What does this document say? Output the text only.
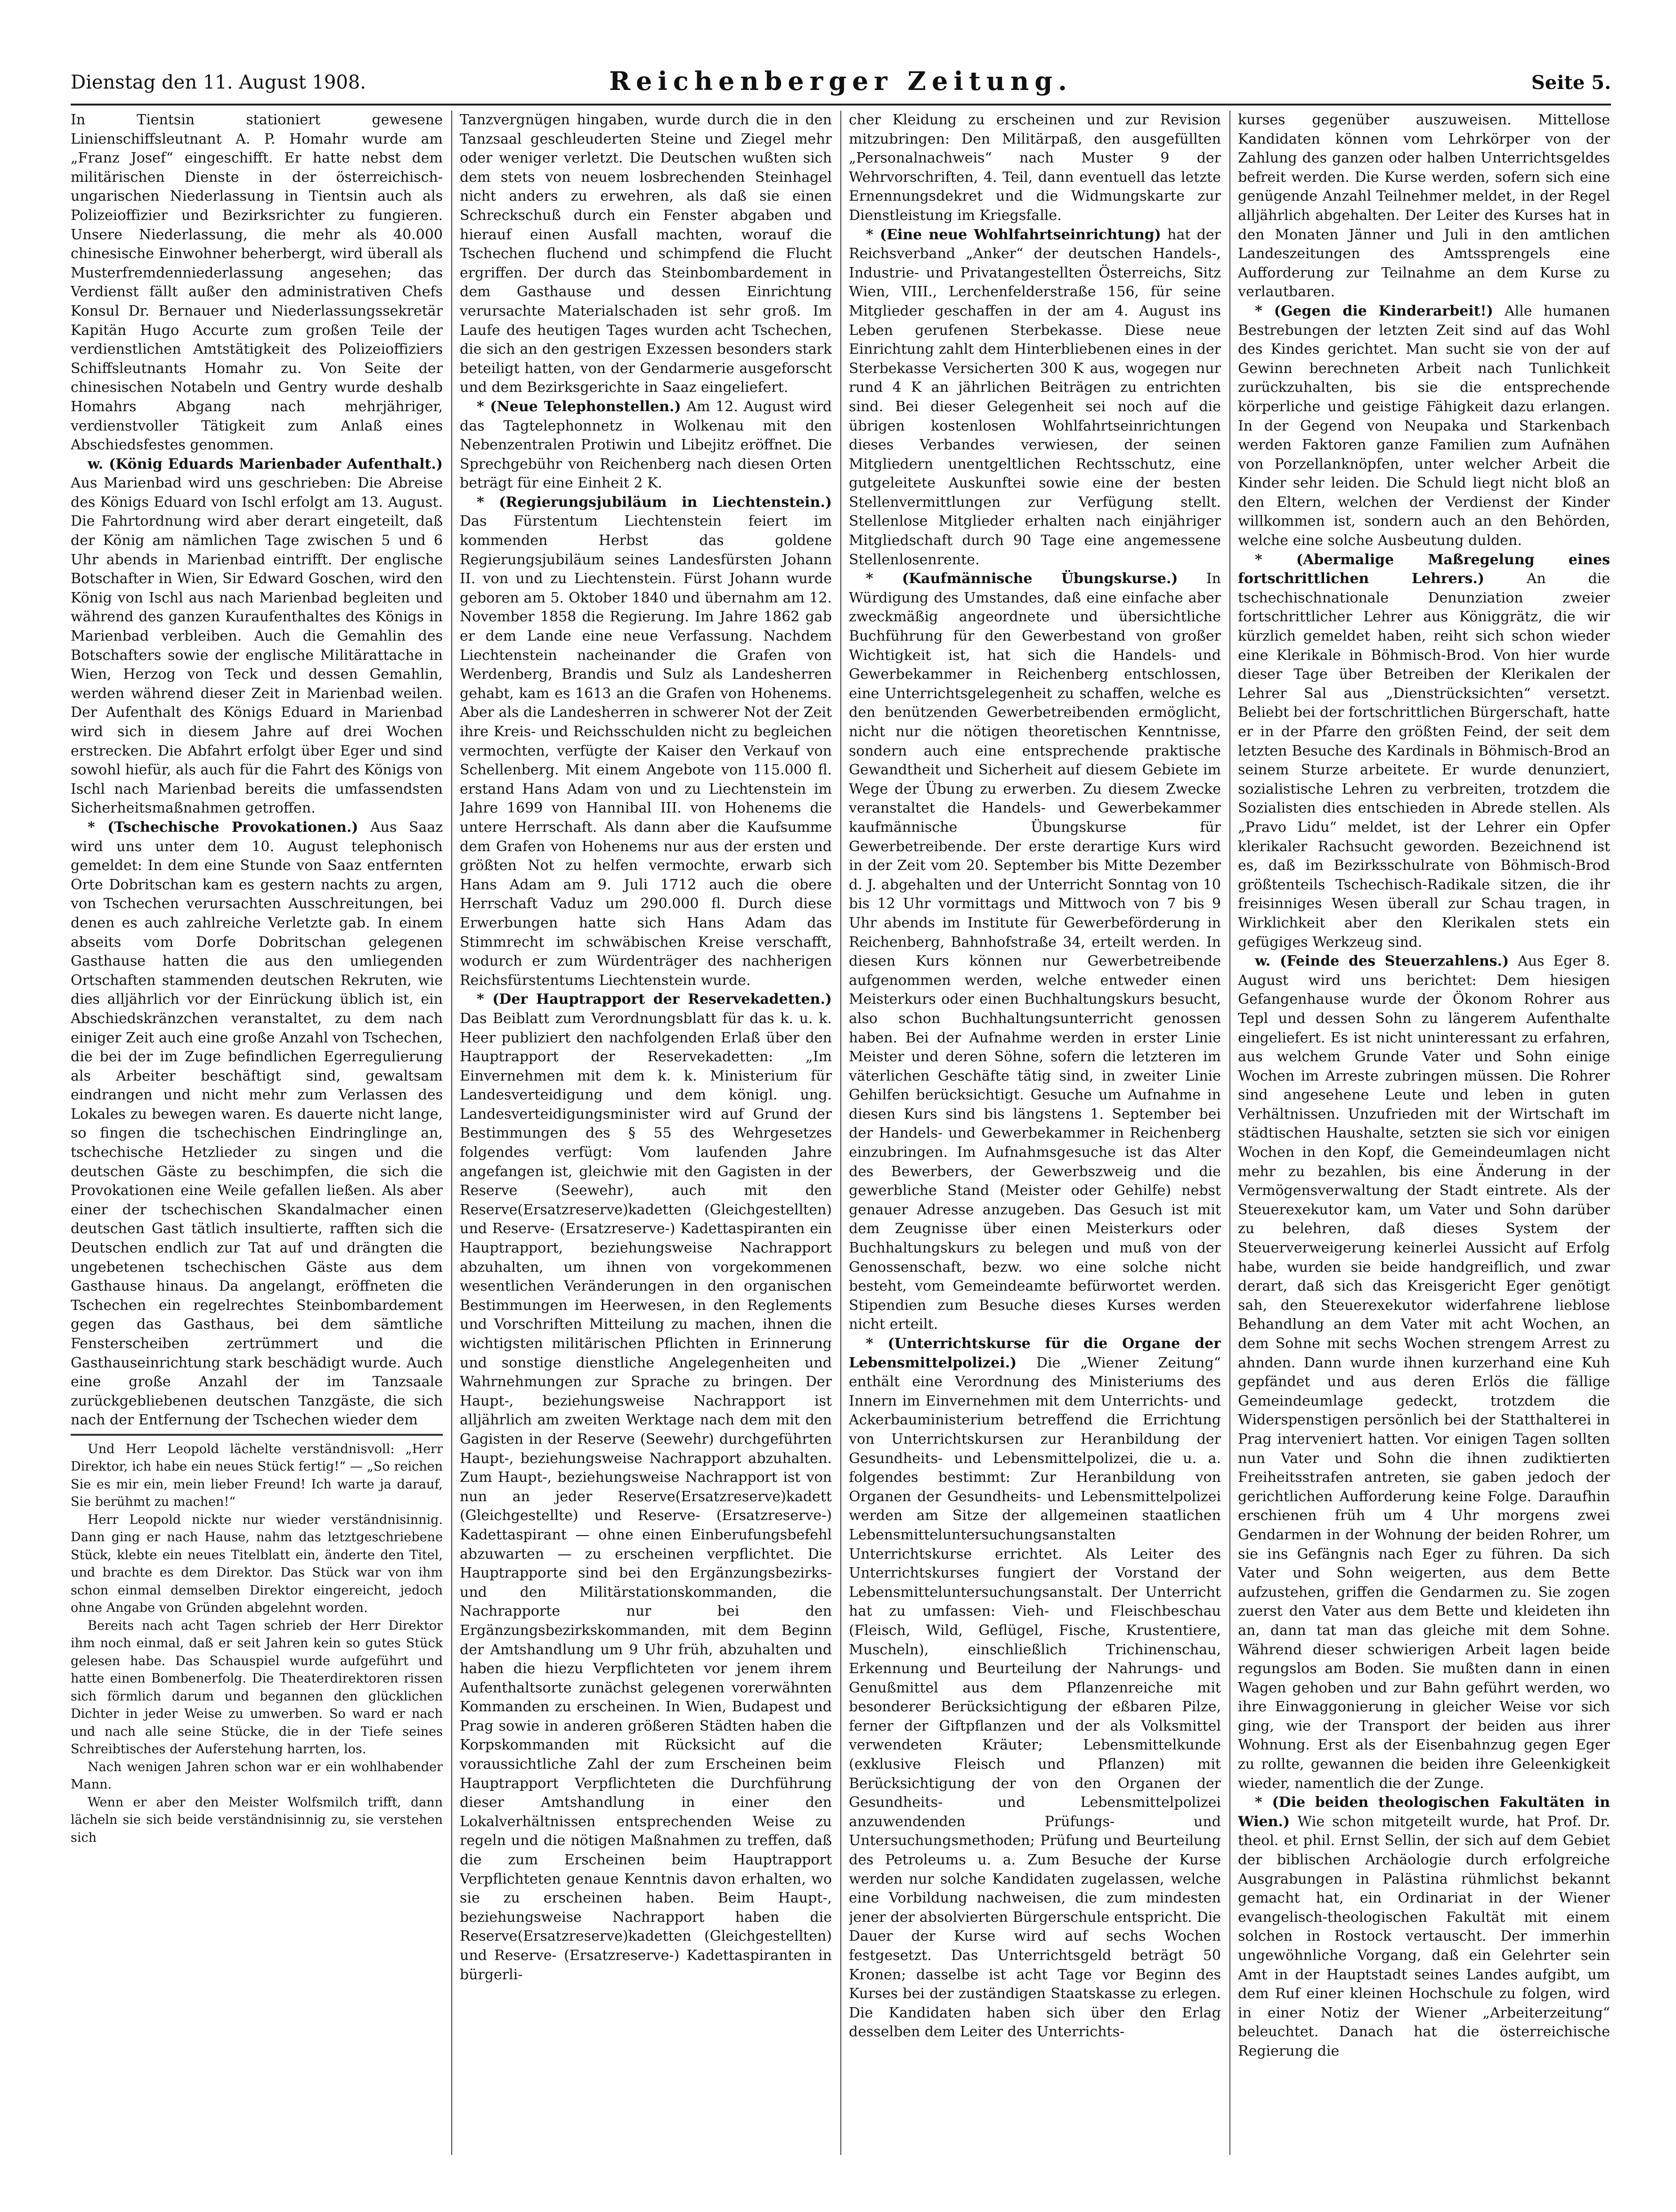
Dienstag den 11. August 1908.	Reichenberger Zeitung.	Seite 5.

In Tientsin stationiert gewesene Linienschiffsleutnant A. P. Homahr wurde am „Franz Josef“ eingeschifft. Er hatte nebst dem militärischen Dienste in der österreichisch-ungarischen Niederlassung in Tientsin auch als Polizeioffizier und Bezirksrichter zu fungieren. Unsere Niederlassung, die mehr als 40.000 chinesische Einwohner beherbergt, wird überall als Musterfremdenniederlassung angesehen; das Verdienst fällt außer den administrativen Chefs Konsul Dr. Bernauer und Niederlassungssekretär Kapitän Hugo Accurte zum großen Teile der verdienstlichen Amtstätigkeit des Polizeioffiziers Schiffsleutnants Homahr zu. Von Seite der chinesischen Notabeln und Gentry wurde deshalb Homahrs Abgang nach mehrjähriger, verdienstvoller Tätigkeit zum Anlaß eines Abschiedsfestes genommen.

w. (König Eduards Marienbader Aufenthalt.) Aus Marienbad wird uns geschrieben: Die Abreise des Königs Eduard von Ischl erfolgt am 13. August. Die Fahrtordnung wird aber derart eingeteilt, daß der König am nämlichen Tage zwischen 5 und 6 Uhr abends in Marienbad eintrifft. Der englische Botschafter in Wien, Sir Edward Goschen, wird den König von Ischl aus nach Marienbad begleiten und während des ganzen Kuraufenthaltes des Königs in Marienbad verbleiben. Auch die Gemahlin des Botschafters sowie der englische Militärattache in Wien, Herzog von Teck und dessen Gemahlin, werden während dieser Zeit in Marienbad weilen. Der Aufenthalt des Königs Eduard in Marienbad wird sich in diesem Jahre auf drei Wochen erstrecken. Die Abfahrt erfolgt über Eger und sind sowohl hiefür, als auch für die Fahrt des Königs von Ischl nach Marienbad bereits die umfassendsten Sicherheitsmaßnahmen getroffen.

* (Tschechische Provokationen.) Aus Saaz wird uns unter dem 10. August telephonisch gemeldet: In dem eine Stunde von Saaz entfernten Orte Dobritschan kam es gestern nachts zu argen, von Tschechen verursachten Ausschreitungen, bei denen es auch zahlreiche Verletzte gab. In einem abseits vom Dorfe Dobritschan gelegenen Gasthause hatten die aus den umliegenden Ortschaften stammenden deutschen Rekruten, wie dies alljährlich vor der Einrückung üblich ist, ein Abschiedskränzchen veranstaltet, zu dem nach einiger Zeit auch eine große Anzahl von Tschechen, die bei der im Zuge befindlichen Egerregulierung als Arbeiter beschäftigt sind, gewaltsam eindrangen und nicht mehr zum Verlassen des Lokales zu bewegen waren. Es dauerte nicht lange, so fingen die tschechischen Eindringlinge an, tschechische Hetzlieder zu singen und die deutschen Gäste zu beschimpfen, die sich die Provokationen eine Weile gefallen ließen. Als aber einer der tschechischen Skandalmacher einen deutschen Gast tätlich insultierte, rafften sich die Deutschen endlich zur Tat auf und drängten die ungebetenen tschechischen Gäste aus dem Gasthause hinaus. Da angelangt, eröffneten die Tschechen ein regelrechtes Steinbombardement gegen das Gasthaus, bei dem sämtliche Fensterscheiben zertrümmert und die Gasthauseinrichtung stark beschädigt wurde. Auch eine große Anzahl der im Tanzsaale zurückgebliebenen deutschen Tanzgäste, die sich nach der Entfernung der Tschechen wieder dem

Und Herr Leopold lächelte verständnisvoll: „Herr Direktor, ich habe ein neues Stück fertig!“ — „So reichen Sie es mir ein, mein lieber Freund! Ich warte ja darauf, Sie berühmt zu machen!“

Herr Leopold nickte nur wieder verständnisinnig. Dann ging er nach Hause, nahm das letztgeschriebene Stück, klebte ein neues Titelblatt ein, änderte den Titel, und brachte es dem Direktor. Das Stück war von ihm schon einmal demselben Direktor eingereicht, jedoch ohne Angabe von Gründen abgelehnt worden.

Bereits nach acht Tagen schrieb der Herr Direktor ihm noch einmal, daß er seit Jahren kein so gutes Stück gelesen habe. Das Schauspiel wurde aufgeführt und hatte einen Bombenerfolg. Die Theaterdirektoren rissen sich förmlich darum und begannen den glücklichen Dichter in jeder Weise zu umwerben. So ward er nach und nach alle seine Stücke, die in der Tiefe seines Schreibtisches der Auferstehung harrten, los.

Nach wenigen Jahren schon war er ein wohlhabender Mann.

Wenn er aber den Meister Wolfsmilch trifft, dann lächeln sie sich beide verständnisinnig zu, sie verstehen sich

Tanzvergnügen hingaben, wurde durch die in den Tanzsaal geschleuderten Steine und Ziegel mehr oder weniger verletzt. Die Deutschen wußten sich dem stets von neuem losbrechenden Steinhagel nicht anders zu erwehren, als daß sie einen Schreckschuß durch ein Fenster abgaben und hierauf einen Ausfall machten, worauf die Tschechen fluchend und schimpfend die Flucht ergriffen. Der durch das Steinbombardement in dem Gasthause und dessen Einrichtung verursachte Materialschaden ist sehr groß. Im Laufe des heutigen Tages wurden acht Tschechen, die sich an den gestrigen Exzessen besonders stark beteiligt hatten, von der Gendarmerie ausgeforscht und dem Bezirksgerichte in Saaz eingeliefert.

* (Neue Telephonstellen.) Am 12. August wird das Tagtelephonnetz in Wolkenau mit den Nebenzentralen Protiwin und Libejitz eröffnet. Die Sprechgebühr von Reichenberg nach diesen Orten beträgt für eine Einheit 2 K.

* (Regierungsjubiläum in Liechtenstein.) Das Fürstentum Liechtenstein feiert im kommenden Herbst das goldene Regierungsjubiläum seines Landesfürsten Johann II. von und zu Liechtenstein. Fürst Johann wurde geboren am 5. Oktober 1840 und übernahm am 12. November 1858 die Regierung. Im Jahre 1862 gab er dem Lande eine neue Verfassung. Nachdem Liechtenstein nacheinander die Grafen von Werdenberg, Brandis und Sulz als Landesherren gehabt, kam es 1613 an die Grafen von Hohenems. Aber als die Landesherren in schwerer Not der Zeit ihre Kreis- und Reichsschulden nicht zu begleichen vermochten, verfügte der Kaiser den Verkauf von Schellenberg. Mit einem Angebote von 115.000 fl. erstand Hans Adam von und zu Liechtenstein im Jahre 1699 von Hannibal III. von Hohenems die untere Herrschaft. Als dann aber die Kaufsumme dem Grafen von Hohenems nur aus der ersten und größten Not zu helfen vermochte, erwarb sich Hans Adam am 9. Juli 1712 auch die obere Herrschaft Vaduz um 290.000 fl. Durch diese Erwerbungen hatte sich Hans Adam das Stimmrecht im schwäbischen Kreise verschafft, wodurch er zum Würdenträger des nachherigen Reichsfürstentums Liechtenstein wurde.

* (Der Hauptrapport der Reservekadetten.) Das Beiblatt zum Verordnungsblatt für das k. u. k. Heer publiziert den nachfolgenden Erlaß über den Hauptrapport der Reservekadetten: „Im Einvernehmen mit dem k. k. Ministerium für Landesverteidigung und dem königl. ung. Landesverteidigungsminister wird auf Grund der Bestimmungen des § 55 des Wehrgesetzes folgendes verfügt: Vom laufenden Jahre angefangen ist, gleichwie mit den Gagisten in der Reserve (Seewehr), auch mit den Reserve(Ersatzreserve)kadetten (Gleichgestellten) und Reserve- (Ersatzreserve-) Kadettaspiranten ein Hauptrapport, beziehungsweise Nachrapport abzuhalten, um ihnen von vorgekommenen wesentlichen Veränderungen in den organischen Bestimmungen im Heerwesen, in den Reglements und Vorschriften Mitteilung zu machen, ihnen die wichtigsten militärischen Pflichten in Erinnerung und sonstige dienstliche Angelegenheiten und Wahrnehmungen zur Sprache zu bringen. Der Haupt-, beziehungsweise Nachrapport ist alljährlich am zweiten Werktage nach dem mit den Gagisten in der Reserve (Seewehr) durchgeführten Haupt-, beziehungsweise Nachrapport abzuhalten. Zum Haupt-, beziehungsweise Nachrapport ist von nun an jeder Reserve(Ersatzreserve)kadett (Gleichgestellte) und Reserve- (Ersatzreserve-) Kadettaspirant — ohne einen Einberufungsbefehl abzuwarten — zu erscheinen verpflichtet. Die Hauptrapporte sind bei den Ergänzungsbezirks- und den Militärstationskommanden, die Nachrapporte nur bei den Ergänzungsbezirkskommanden, mit dem Beginn der Amtshandlung um 9 Uhr früh, abzuhalten und haben die hiezu Verpflichteten vor jenem ihrem Aufenthaltsorte zunächst gelegenen vorerwähnten Kommanden zu erscheinen. In Wien, Budapest und Prag sowie in anderen größeren Städten haben die Korpskommanden mit Rücksicht auf die voraussichtliche Zahl der zum Erscheinen beim Hauptrapport Verpflichteten die Durchführung dieser Amtshandlung in einer den Lokalverhältnissen entsprechenden Weise zu regeln und die nötigen Maßnahmen zu treffen, daß die zum Erscheinen beim Hauptrapport Verpflichteten genaue Kenntnis davon erhalten, wo sie zu erscheinen haben. Beim Haupt-, beziehungsweise Nachrapport haben die Reserve(Ersatzreserve)kadetten (Gleichgestellten) und Reserve- (Ersatzreserve-) Kadettaspiranten in bürgerli-

cher Kleidung zu erscheinen und zur Revision mitzubringen: Den Militärpaß, den ausgefüllten „Personalnachweis“ nach Muster 9 der Wehrvorschriften, 4. Teil, dann eventuell das letzte Ernennungsdekret und die Widmungskarte zur Dienstleistung im Kriegsfalle.

* (Eine neue Wohlfahrtseinrichtung) hat der Reichsverband „Anker“ der deutschen Handels-, Industrie- und Privatangestellten Österreichs, Sitz Wien, VIII., Lerchenfelderstraße 156, für seine Mitglieder geschaffen in der am 4. August ins Leben gerufenen Sterbekasse. Diese neue Einrichtung zahlt dem Hinterbliebenen eines in der Sterbekasse Versicherten 300 K aus, wogegen nur rund 4 K an jährlichen Beiträgen zu entrichten sind. Bei dieser Gelegenheit sei noch auf die übrigen kostenlosen Wohlfahrtseinrichtungen dieses Verbandes verwiesen, der seinen Mitgliedern unentgeltlichen Rechtsschutz, eine gutgeleitete Auskunftei sowie eine der besten Stellenvermittlungen zur Verfügung stellt. Stellenlose Mitglieder erhalten nach einjähriger Mitgliedschaft durch 90 Tage eine angemessene Stellenlosenrente.

* (Kaufmännische Übungskurse.) In Würdigung des Umstandes, daß eine einfache aber zweckmäßig angeordnete und übersichtliche Buchführung für den Gewerbestand von großer Wichtigkeit ist, hat sich die Handels- und Gewerbekammer in Reichenberg entschlossen, eine Unterrichtsgelegenheit zu schaffen, welche es den benützenden Gewerbetreibenden ermöglicht, nicht nur die nötigen theoretischen Kenntnisse, sondern auch eine entsprechende praktische Gewandtheit und Sicherheit auf diesem Gebiete im Wege der Übung zu erwerben. Zu diesem Zwecke veranstaltet die Handels- und Gewerbekammer kaufmännische Übungskurse für Gewerbetreibende. Der erste derartige Kurs wird in der Zeit vom 20. September bis Mitte Dezember d. J. abgehalten und der Unterricht Sonntag von 10 bis 12 Uhr vormittags und Mittwoch von 7 bis 9 Uhr abends im Institute für Gewerbeförderung in Reichenberg, Bahnhofstraße 34, erteilt werden. In diesen Kurs können nur Gewerbetreibende aufgenommen werden, welche entweder einen Meisterkurs oder einen Buchhaltungskurs besucht, also schon Buchhaltungsunterricht genossen haben. Bei der Aufnahme werden in erster Linie Meister und deren Söhne, sofern die letzteren im väterlichen Geschäfte tätig sind, in zweiter Linie Gehilfen berücksichtigt. Gesuche um Aufnahme in diesen Kurs sind bis längstens 1. September bei der Handels- und Gewerbekammer in Reichenberg einzubringen. Im Aufnahmsgesuche ist das Alter des Bewerbers, der Gewerbszweig und die gewerbliche Stand (Meister oder Gehilfe) nebst genauer Adresse anzugeben. Das Gesuch ist mit dem Zeugnisse über einen Meisterkurs oder Buchhaltungskurs zu belegen und muß von der Genossenschaft, bezw. wo eine solche nicht besteht, vom Gemeindeamte befürwortet werden. Stipendien zum Besuche dieses Kurses werden nicht erteilt.

* (Unterrichtskurse für die Organe der Lebensmittelpolizei.) Die „Wiener Zeitung“ enthält eine Verordnung des Ministeriums des Innern im Einvernehmen mit dem Unterrichts- und Ackerbauministerium betreffend die Errichtung von Unterrichtskursen zur Heranbildung der Gesundheits- und Lebensmittelpolizei, die u. a. folgendes bestimmt: Zur Heranbildung von Organen der Gesundheits- und Lebensmittelpolizei werden am Sitze der allgemeinen staatlichen Lebensmitteluntersuchungsanstalten Unterrichtskurse errichtet. Als Leiter des Unterrichtskurses fungiert der Vorstand der Lebensmitteluntersuchungsanstalt. Der Unterricht hat zu umfassen: Vieh- und Fleischbeschau (Fleisch, Wild, Geflügel, Fische, Krustentiere, Muscheln), einschließlich Trichinenschau, Erkennung und Beurteilung der Nahrungs- und Genußmittel aus dem Pflanzenreiche mit besonderer Berücksichtigung der eßbaren Pilze, ferner der Giftpflanzen und der als Volksmittel verwendeten Kräuter; Lebensmittelkunde (exklusive Fleisch und Pflanzen) mit Berücksichtigung der von den Organen der Gesundheits- und Lebensmittelpolizei anzuwendenden Prüfungs- und Untersuchungsmethoden; Prüfung und Beurteilung des Petroleums u. a. Zum Besuche der Kurse werden nur solche Kandidaten zugelassen, welche eine Vorbildung nachweisen, die zum mindesten jener der absolvierten Bürgerschule entspricht. Die Dauer der Kurse wird auf sechs Wochen festgesetzt. Das Unterrichtsgeld beträgt 50 Kronen; dasselbe ist acht Tage vor Beginn des Kurses bei der zuständigen Staatskasse zu erlegen. Die Kandidaten haben sich über den Erlag desselben dem Leiter des Unterrichts-

kurses gegenüber auszuweisen. Mittellose Kandidaten können vom Lehrkörper von der Zahlung des ganzen oder halben Unterrichtsgeldes befreit werden. Die Kurse werden, sofern sich eine genügende Anzahl Teilnehmer meldet, in der Regel alljährlich abgehalten. Der Leiter des Kurses hat in den Monaten Jänner und Juli in den amtlichen Landeszeitungen des Amtssprengels eine Aufforderung zur Teilnahme an dem Kurse zu verlautbaren.

* (Gegen die Kinderarbeit!) Alle humanen Bestrebungen der letzten Zeit sind auf das Wohl des Kindes gerichtet. Man sucht sie von der auf Gewinn berechneten Arbeit nach Tunlichkeit zurückzuhalten, bis sie die entsprechende körperliche und geistige Fähigkeit dazu erlangen. In der Gegend von Neupaka und Starkenbach werden Faktoren ganze Familien zum Aufnähen von Porzellanknöpfen, unter welcher Arbeit die Kinder sehr leiden. Die Schuld liegt nicht bloß an den Eltern, welchen der Verdienst der Kinder willkommen ist, sondern auch an den Behörden, welche eine solche Ausbeutung dulden.

* (Abermalige Maßregelung eines fortschrittlichen Lehrers.)	An die tschechischnationale Denunziation zweier fortschrittlicher Lehrer aus Königgrätz, die wir kürzlich gemeldet haben, reiht sich schon wieder eine Klerikale in Böhmisch-Brod. Von hier wurde dieser Tage über Betreiben der Klerikalen der Lehrer Sal aus „Dienstrücksichten“ versetzt. Beliebt bei der fortschrittlichen Bürgerschaft, hatte er in der Pfarre den größten Feind, der seit dem letzten Besuche des Kardinals in Böhmisch-Brod an seinem Sturze arbeitete. Er wurde denunziert, sozialistische Lehren zu verbreiten, trotzdem die Sozialisten dies entschieden in Abrede stellen. Als „Pravo Lidu“ meldet, ist der Lehrer ein Opfer klerikaler Rachsucht geworden. Bezeichnend ist es, daß im Bezirksschulrate von Böhmisch-Brod größtenteils Tschechisch-Radikale sitzen, die ihr freisinniges Wesen überall zur Schau tragen, in Wirklichkeit aber den Klerikalen stets ein gefügiges Werkzeug sind.

w. (Feinde des Steuerzahlens.) Aus Eger 8. August wird uns berichtet: Dem hiesigen Gefangenhause wurde der Ökonom Rohrer aus Tepl und dessen Sohn zu längerem Aufenthalte eingeliefert. Es ist nicht uninteressant zu erfahren, aus welchem Grunde Vater und Sohn einige Wochen im Arreste zubringen müssen. Die Rohrer sind angesehene Leute und leben in guten Verhältnissen. Unzufrieden mit der Wirtschaft im städtischen Haushalte, setzten sie sich vor einigen Wochen in den Kopf, die Gemeindeumlagen nicht mehr zu bezahlen, bis eine Änderung in der Vermögensverwaltung der Stadt eintrete. Als der Steuerexekutor kam, um Vater und Sohn darüber zu belehren, daß dieses System der Steuerverweigerung keinerlei Aussicht auf Erfolg habe, wurden sie beide handgreiflich, und zwar derart, daß sich das Kreisgericht Eger genötigt sah, den Steuerexekutor widerfahrene lieblose Behandlung an dem Vater mit acht Wochen, an dem Sohne mit sechs Wochen strengem Arrest zu ahnden. Dann wurde ihnen kurzerhand eine Kuh gepfändet und aus deren Erlös die fällige Gemeindeumlage gedeckt, trotzdem die Widerspenstigen persönlich bei der Statthalterei in Prag interveniert hatten. Vor einigen Tagen sollten nun Vater und Sohn die ihnen zudiktierten Freiheitsstrafen antreten, sie gaben jedoch der gerichtlichen Aufforderung keine Folge. Daraufhin erschienen früh um 4 Uhr morgens zwei Gendarmen in der Wohnung der beiden Rohrer, um sie ins Gefängnis nach Eger zu führen. Da sich Vater und Sohn weigerten, aus dem Bette aufzustehen, griffen die Gendarmen zu. Sie zogen zuerst den Vater aus dem Bette und kleideten ihn an, dann tat man das gleiche mit dem Sohne. Während dieser schwierigen Arbeit lagen beide regungslos am Boden. Sie mußten dann in einen Wagen gehoben und zur Bahn geführt werden, wo ihre Einwaggonierung in gleicher Weise vor sich ging, wie der Transport der beiden aus ihrer Wohnung. Erst als der Eisenbahnzug gegen Eger zu rollte, gewannen die beiden ihre Geleenkigkeit wieder, namentlich die der Zunge.

* (Die beiden theologischen Fakultäten in Wien.) Wie schon mitgeteilt wurde, hat Prof. Dr. theol. et phil. Ernst Sellin, der sich auf dem Gebiet der biblischen Archäologie durch erfolgreiche Ausgrabungen in Palästina rühmlichst bekannt gemacht hat, ein Ordinariat in der Wiener evangelisch-theologischen Fakultät mit einem solchen in Rostock vertauscht. Der immerhin ungewöhnliche Vorgang, daß ein Gelehrter sein Amt in der Hauptstadt seines Landes aufgibt, um dem Ruf einer kleinen Hochschule zu folgen, wird in einer Notiz der Wiener „Arbeiterzeitung“ beleuchtet. Danach hat die österreichische Regierung die
